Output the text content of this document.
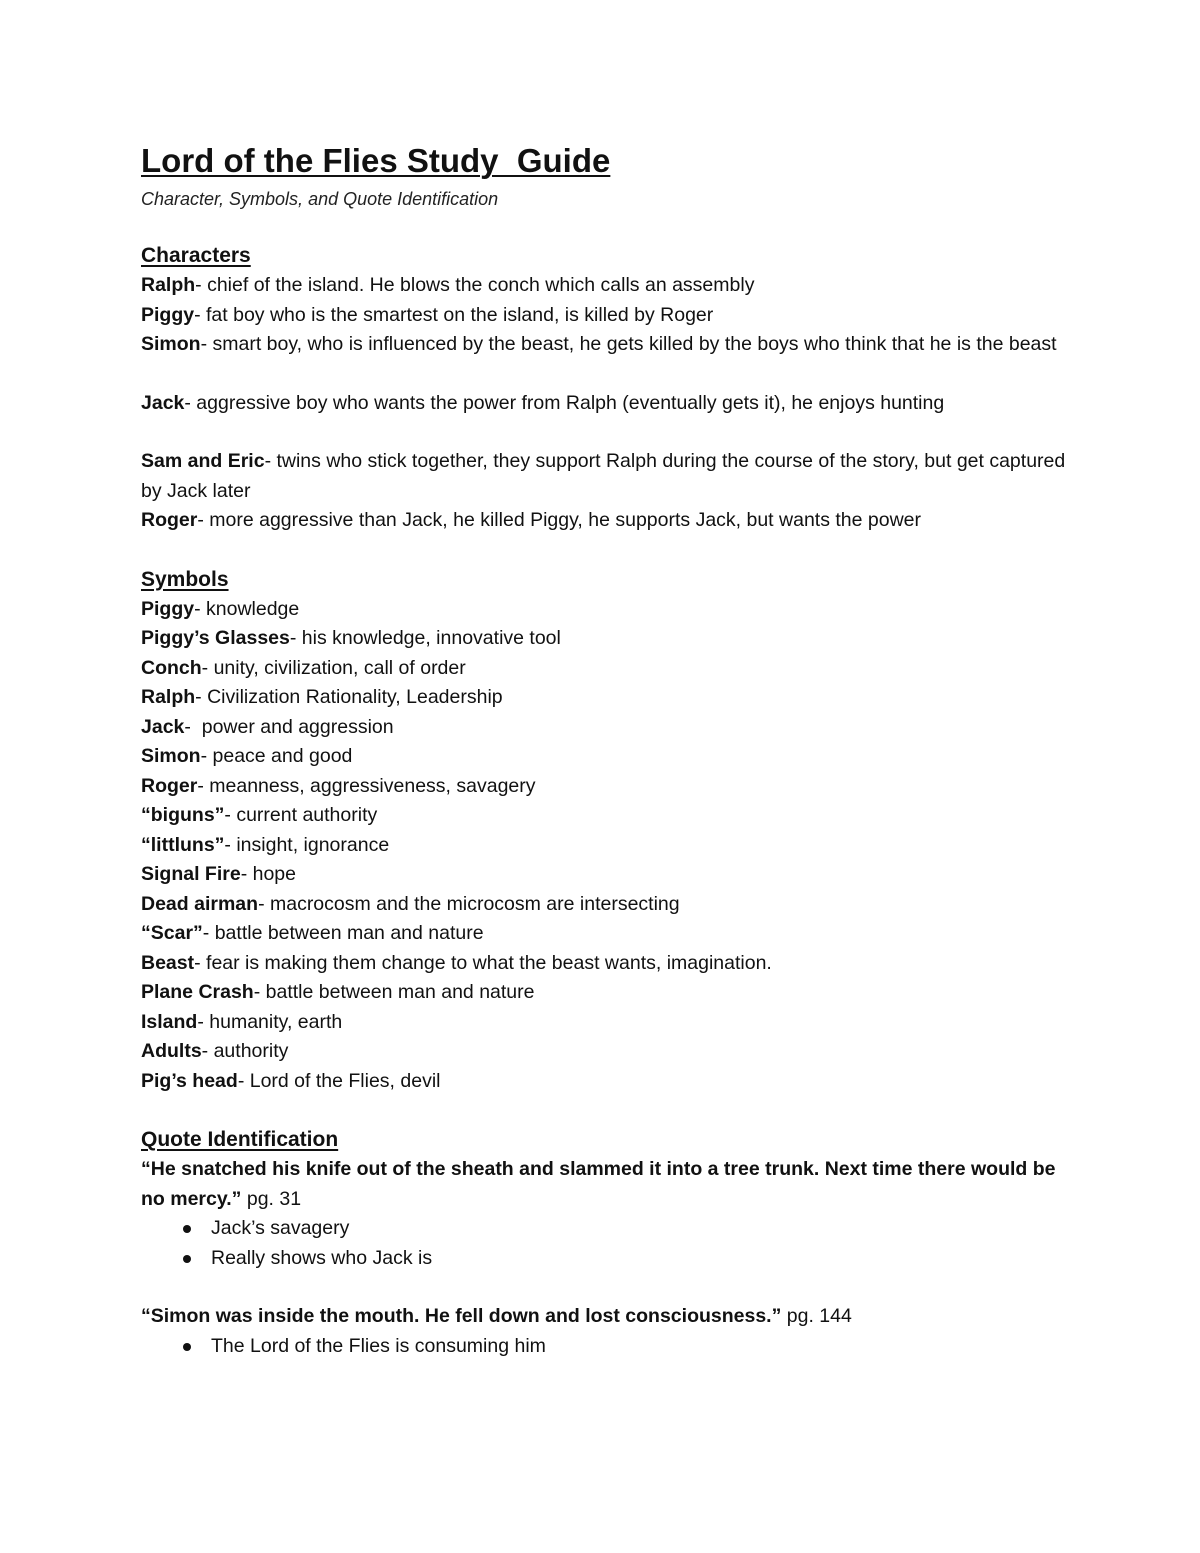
Lord of the Flies Study  Guide

Character, Symbols, and Quote Identification

Characters

Ralph- chief of the island. He blows the conch which calls an assembly

Piggy- fat boy who is the smartest on the island, is killed by Roger

Simon- smart boy, who is influenced by the beast, he gets killed by the boys who think that he is the beast

Jack- aggressive boy who wants the power from Ralph (eventually gets it), he enjoys hunting

Sam and Eric- twins who stick together, they support Ralph during the course of the story, but get captured by Jack later

Roger- more aggressive than Jack, he killed Piggy, he supports Jack, but wants the power

Symbols

Piggy- knowledge

Piggy’s Glasses- his knowledge, innovative tool

Conch- unity, civilization, call of order

Ralph- Civilization Rationality, Leadership

Jack-  power and aggression

Simon- peace and good

Roger- meanness, aggressiveness, savagery

“biguns”- current authority

“littluns”- insight, ignorance

Signal Fire- hope

Dead airman- macrocosm and the microcosm are intersecting

“Scar”- battle between man and nature

Beast- fear is making them change to what the beast wants, imagination.

Plane Crash- battle between man and nature

Island- humanity, earth

Adults- authority

Pig’s head- Lord of the Flies, devil

Quote Identification

“He snatched his knife out of the sheath and slammed it into a tree trunk. Next time there would be no mercy.” pg. 31

Jack’s savagery
Really shows who Jack is

“Simon was inside the mouth. He fell down and lost consciousness.” pg. 144

The Lord of the Flies is consuming him
